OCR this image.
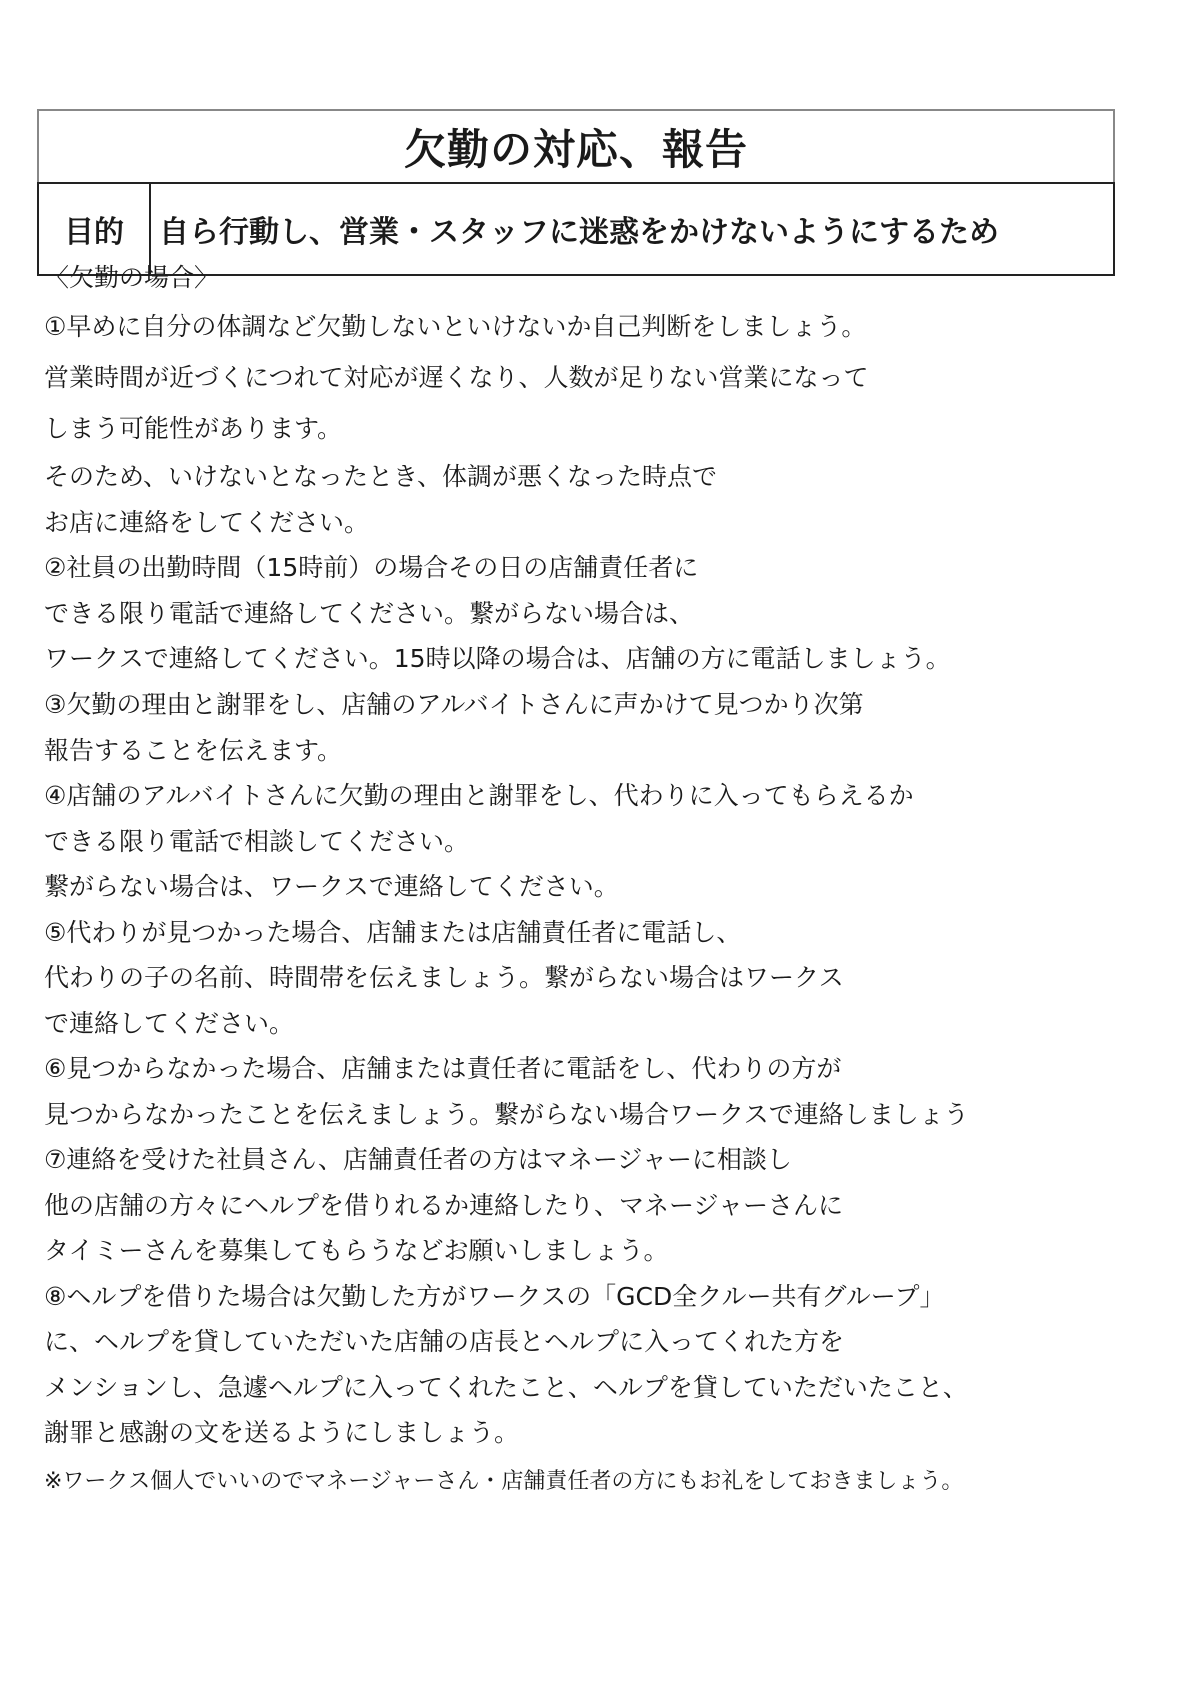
欠勤の対応、報告
目的	自ら行動し、営業・スタッフに迷惑をかけないようにするため
〈欠勤の場合〉
①早めに自分の体調など欠勤しないといけないか自己判断をしましょう。
営業時間が近づくにつれて対応が遅くなり、人数が足りない営業になって
しまう可能性があります。
そのため、いけないとなったとき、体調が悪くなった時点で
お店に連絡をしてください。
②社員の出勤時間（15時前）の場合その日の店舗責任者に
できる限り電話で連絡してください。繋がらない場合は、
ワークスで連絡してください。15時以降の場合は、店舗の方に電話しましょう。
③欠勤の理由と謝罪をし、店舗のアルバイトさんに声かけて見つかり次第
報告することを伝えます。
④店舗のアルバイトさんに欠勤の理由と謝罪をし、代わりに入ってもらえるか
できる限り電話で相談してください。
繋がらない場合は、ワークスで連絡してください。
⑤代わりが見つかった場合、店舗または店舗責任者に電話し、
代わりの子の名前、時間帯を伝えましょう。繋がらない場合はワークス
で連絡してください。
⑥見つからなかった場合、店舗または責任者に電話をし、代わりの方が
見つからなかったことを伝えましょう。繋がらない場合ワークスで連絡しましょう
⑦連絡を受けた社員さん、店舗責任者の方はマネージャーに相談し
他の店舗の方々にヘルプを借りれるか連絡したり、マネージャーさんに
タイミーさんを募集してもらうなどお願いしましょう。
⑧ヘルプを借りた場合は欠勤した方がワークスの「GCD全クルー共有グループ」
に、ヘルプを貸していただいた店舗の店長とヘルプに入ってくれた方を
メンションし、急遽ヘルプに入ってくれたこと、ヘルプを貸していただいたこと、
謝罪と感謝の文を送るようにしましょう。
※ワークス個人でいいのでマネージャーさん・店舗責任者の方にもお礼をしておきましょう。
